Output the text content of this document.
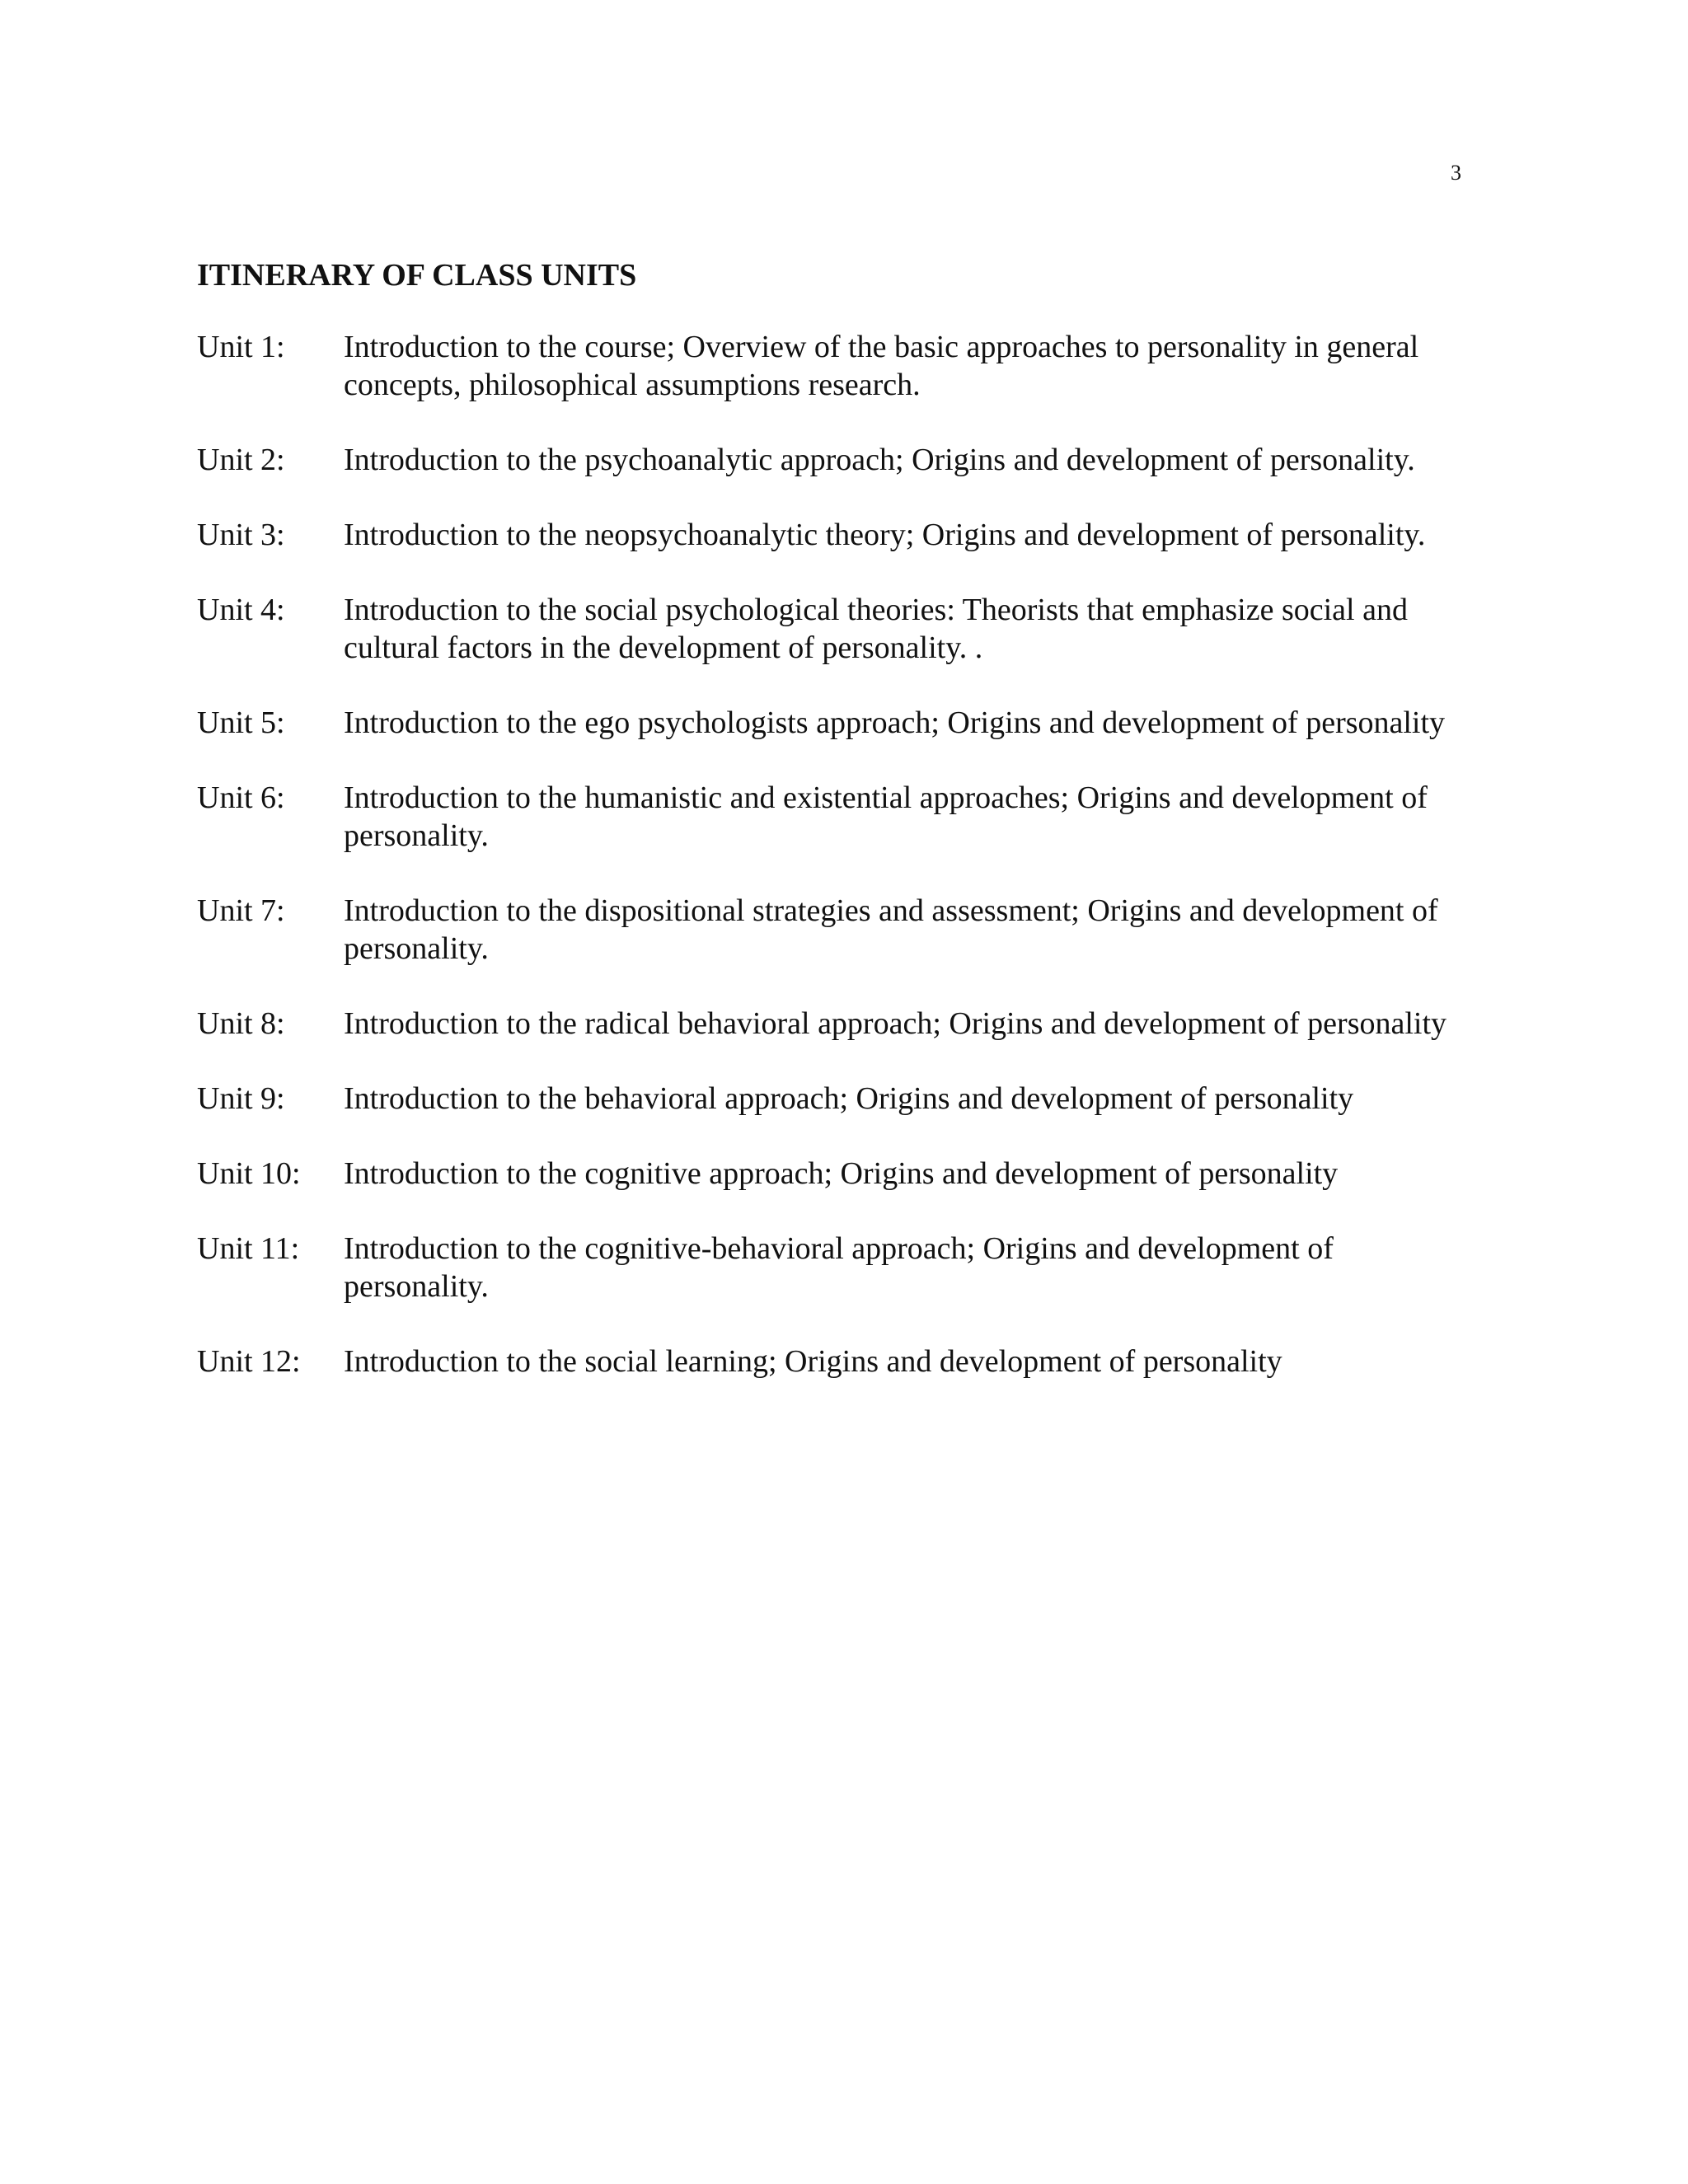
3
ITINERARY OF CLASS UNITS
Unit 1:	Introduction to the course; Overview of the basic approaches to personality in general
concepts, philosophical assumptions research.
Unit 2:	Introduction to the psychoanalytic approach; Origins and development of personality.
Unit 3:	Introduction to the neopsychoanalytic theory; Origins and development of personality.
Unit 4:	Introduction to the social psychological theories: Theorists that emphasize social and
cultural factors in the development of personality. .
Unit 5:	Introduction to the ego psychologists approach; Origins and development of personality
Unit 6:	Introduction to the humanistic and existential approaches; Origins and development of
personality.
Unit 7:	Introduction to the dispositional strategies and assessment; Origins and development of
personality.
Unit 8:	Introduction to the radical behavioral approach; Origins and development of personality
Unit 9:	Introduction to the behavioral approach; Origins and development of personality
Unit 10:	Introduction to the cognitive approach; Origins and development of personality
Unit 11:	Introduction to the cognitive-behavioral approach; Origins and development of
personality.
Unit 12:	Introduction to the social learning; Origins and development of personality
